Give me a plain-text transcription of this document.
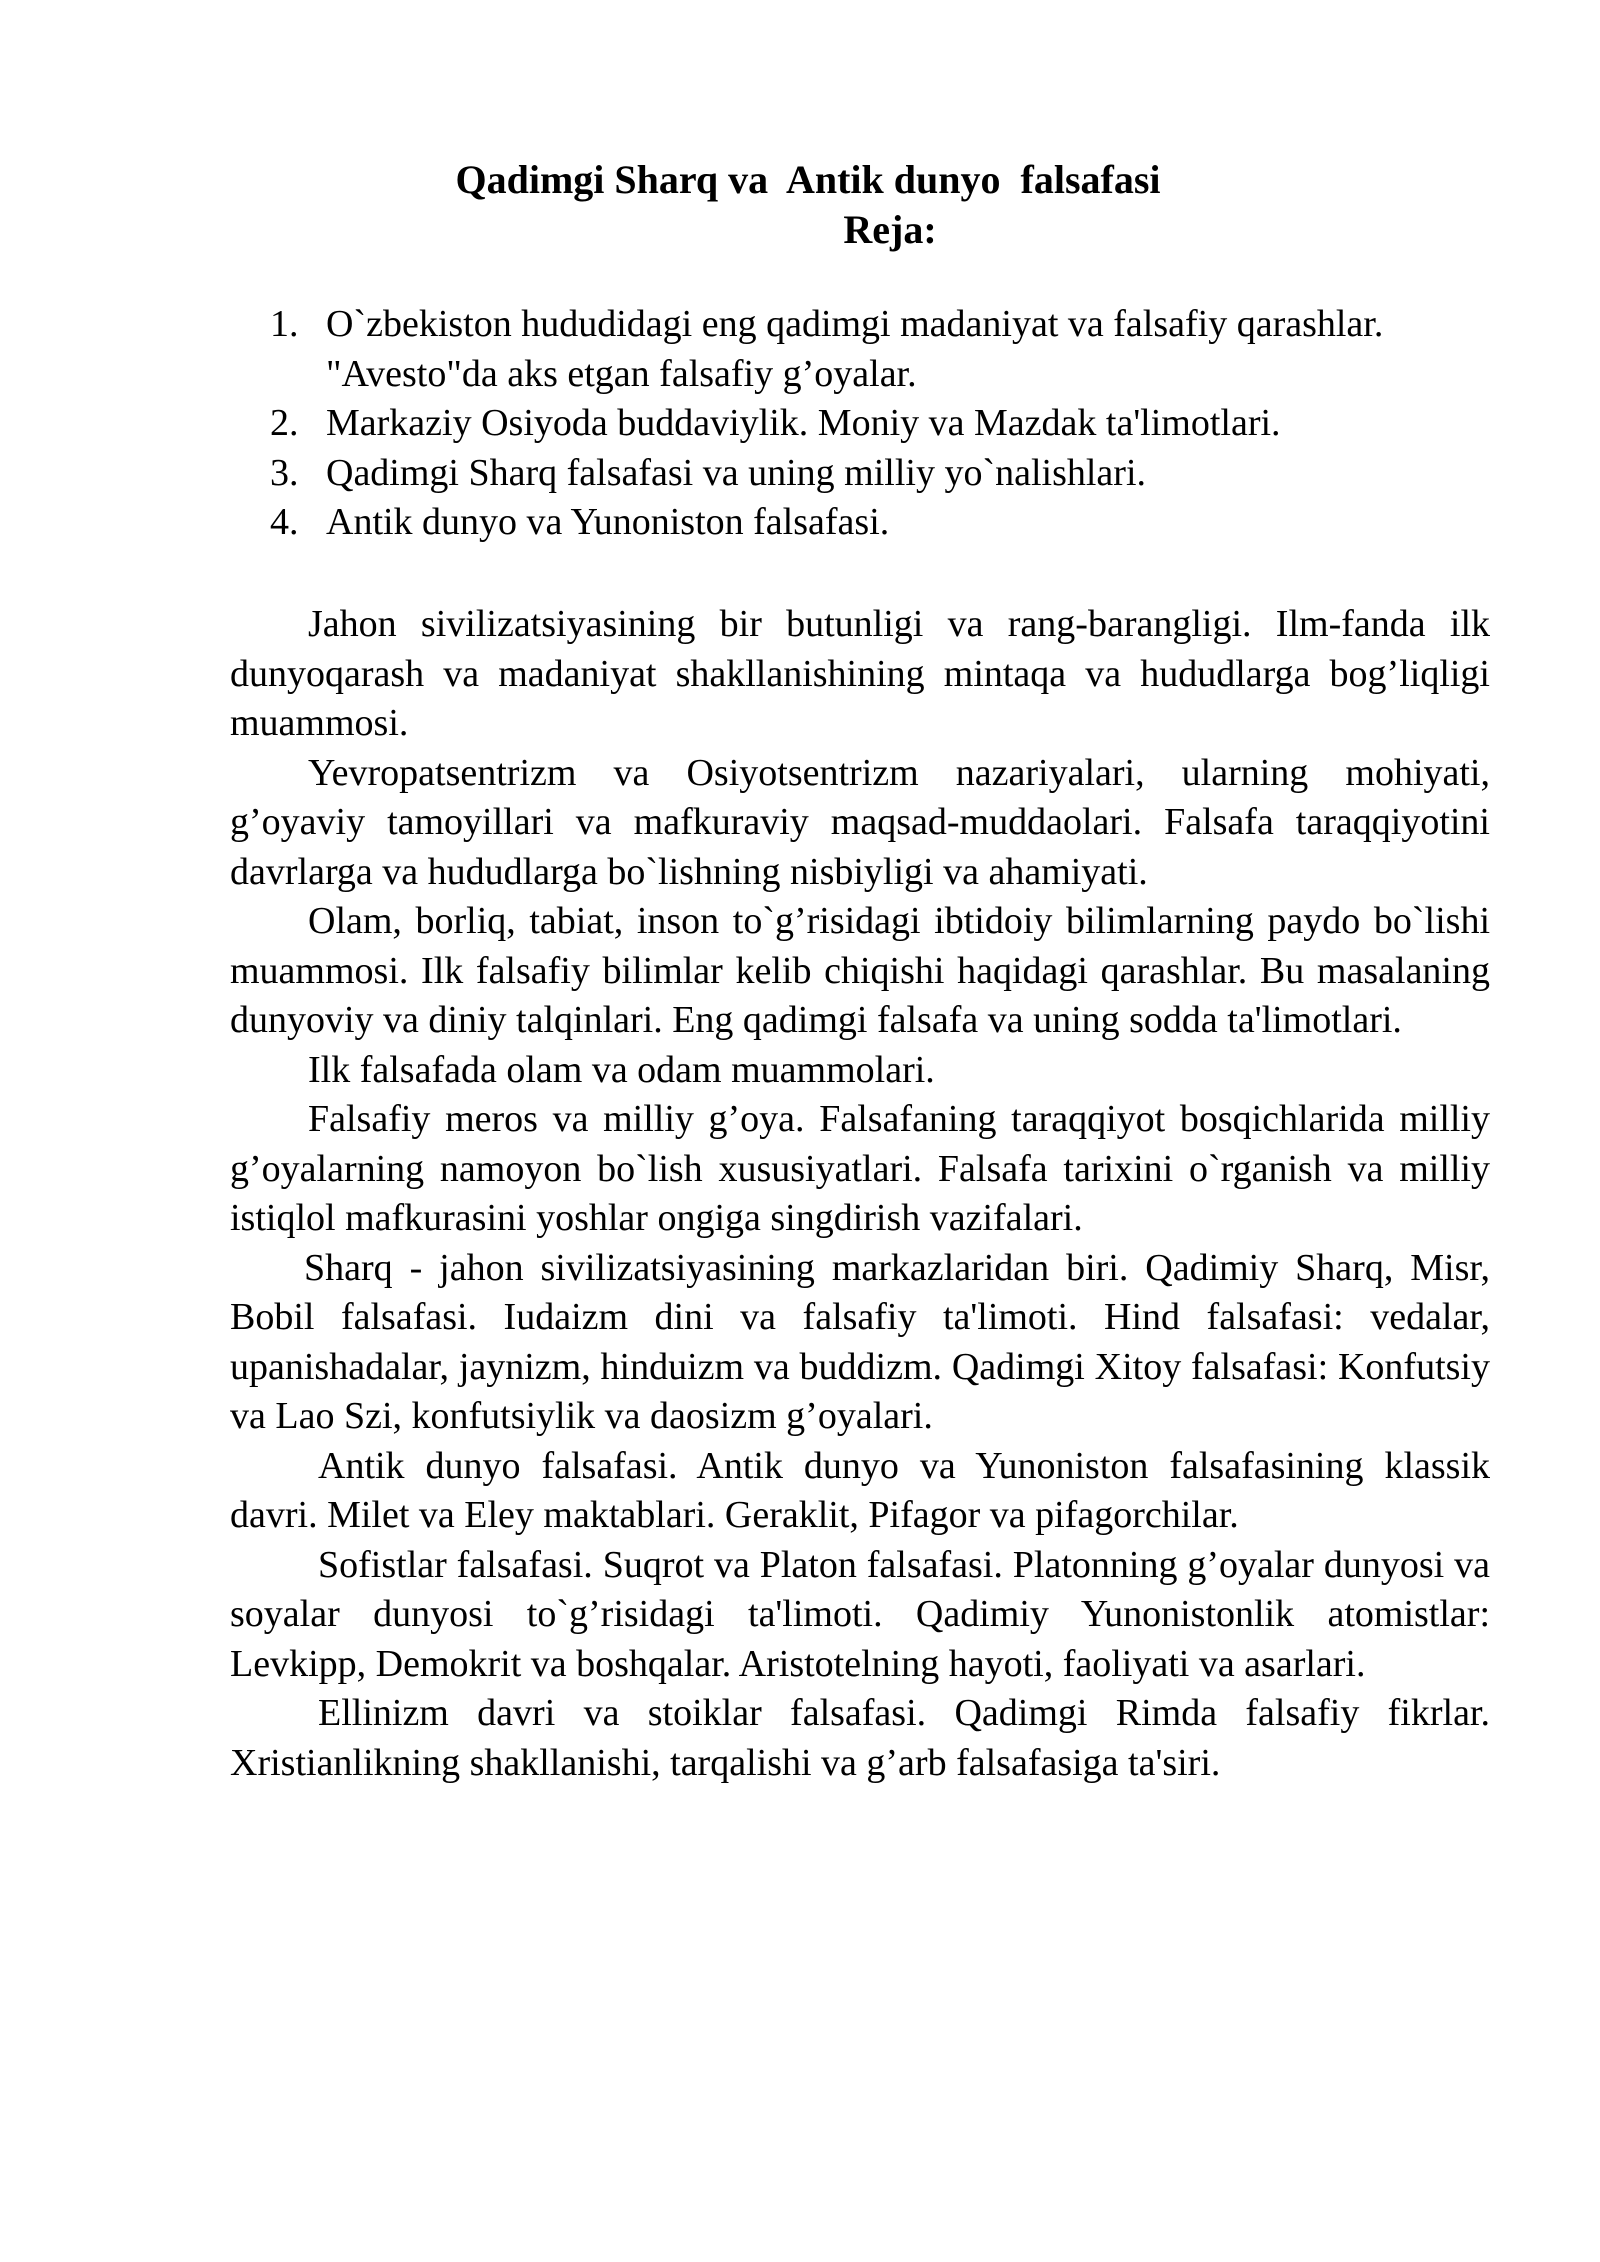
Qadimgi Sharq va  Antik dunyo  falsafasi
Reja:
1. O`zbekiston hududidagi eng qadimgi madaniyat va falsafiy qarashlar. "Avesto"da aks etgan falsafiy g’oyalar.
2. Markaziy Osiyoda buddaviylik. Moniy va Mazdak ta'limotlari.
3. Qadimgi Sharq falsafasi va uning milliy yo`nalishlari.
4. Antik dunyo va Yunoniston falsafasi.

Jahon sivilizatsiyasining bir butunligi va rang-barangligi. Ilm-fanda ilk dunyoqarash va madaniyat shakllanishining mintaqa va hududlarga bog’liqligi muammosi.

Yevropatsentrizm va Osiyotsentrizm nazariyalari, ularning mohiyati, g’oyaviy tamoyillari va mafkuraviy maqsad-muddaolari. Falsafa taraqqiyotini davrlarga va hududlarga bo`lishning nisbiyligi va ahamiyati.

Olam, borliq, tabiat, inson to`g’risidagi ibtidoiy bilimlarning paydo bo`lishi muammosi. Ilk falsafiy bilimlar kelib chiqishi haqidagi qarashlar. Bu masalaning dunyoviy va diniy talqinlari. Eng qadimgi falsafa va uning sodda ta'limotlari.

Ilk falsafada olam va odam muammolari.

Falsafiy meros va milliy g’oya. Falsafaning taraqqiyot bosqichlarida milliy g’oyalarning namoyon bo`lish xususiyatlari. Falsafa tarixini o`rganish va milliy istiqlol mafkurasini yoshlar ongiga singdirish vazifalari.

Sharq - jahon sivilizatsiyasining markazlaridan biri. Qadimiy Sharq, Misr, Bobil falsafasi. Iudaizm dini va falsafiy ta'limoti. Hind falsafasi: vedalar, upanishadalar, jaynizm, hinduizm va buddizm. Qadimgi Xitoy falsafasi: Konfutsiy va Lao Szi, konfutsiylik va daosizm g’oyalari.

Antik dunyo falsafasi. Antik dunyo va Yunoniston falsafasining klassik davri. Milet va Eley maktablari. Geraklit, Pifagor va pifagorchilar.

Sofistlar falsafasi. Suqrot va Platon falsafasi. Platonning g’oyalar dunyosi va soyalar dunyosi to`g’risidagi ta'limoti. Qadimiy Yunonistonlik atomistlar: Levkipp, Demokrit va boshqalar. Aristotelning hayoti, faoliyati va asarlari.

Ellinizm davri va stoiklar falsafasi. Qadimgi Rimda falsafiy fikrlar. Xristianlikning shakllanishi, tarqalishi va g’arb falsafasiga ta'siri.
